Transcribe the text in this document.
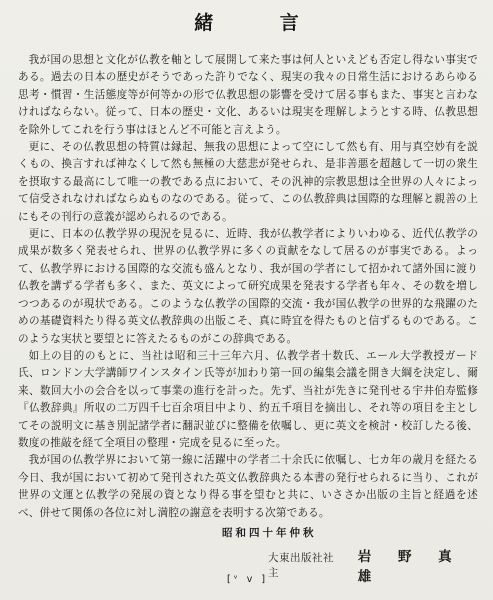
緒 言

我が国の思想と文化が仏教を軸として展開して来た事は何人といえども否定し得ない事実である。過去の日本の歴史がそうであった許りでなく、現実の我々の日常生活におけるあらゆる思考・慣習・生活態度等が何等かの形で仏教思想の影響を受けて居る事もまた、事実と言わなければならない。従って、日本の歴史・文化、あるいは現実を理解しようとする時、仏教思想を除外してこれを行う事はほとんど不可能と言えよう。

更に、その仏教思想の特質は縁起、無我の思想によって空にして然も有、用与真空妙有を説くもの、換言すれば神なくして然も無極の大慈悲が発せられ、是非善悪を超越して一切の衆生を摂取する最高にして唯一の教である点において、その汎神的宗教思想は全世界の人々によって信受されなければならぬものなのである。従って、この仏教辞典は国際的な理解と親善の上にもその刊行の意義が認められるのである。

更に、日本の仏教学界の現況を見るに、近時、我が仏教学者によりいわゆる、近代仏教学の成果が数多く発表せられ、世界の仏教学界に多くの貢献をなして居るのが事実である。よって、仏教学界における国際的な交流も盛んとなり、我が国の学者にして招かれて諸外国に渡り仏教を講ずる学者も多く、また、英文によって研究成果を発表する学者も年々、その数を増しつつあるのが現状である。このような仏教学の国際的交流・我が国仏教学の世界的な飛躍のための基礎資料たり得る英文仏教辞典の出版こそ、真に時宜を得たものと信ずるものである。このような実状と要望とに答えたるものがこの辞典である。

如上の目的のもとに、当社は昭和三十三年六月、仏教学者十数氏、エール大学教授ガード氏、ロンドン大学講師ワインスタイン氏等が加わり第一回の編集会議を開き大綱を決定し、爾来、数回大小の会合を以って事業の進行を計った。先ず、当社が先きに発刊せる宇井伯寿監修『仏教辞典』所収の二万四千七百余項目中より、約五千項目を摘出し、それ等の項目を主としてその説明文に基き別記諸学者に翻訳並びに整備を依嘱し、更に英文を検討・校訂したる後、数度の推敲を経て全項目の整理・完成を見るに至った。

我が国の仏教学界において第一線に活躍中の学者二十余氏に依嘱し、七カ年の歳月を経たる今日、我が国において初めて発刊された英文仏教辞典たる本書の発行せられるに当り、これが世界の文運と仏教学の発展の資となり得る事を望むと共に、いささか出版の主旨と経過を述べ、併せて関係の各位に対し満腔の謝意を表明する次第である。

昭和四十年仲秋
大東出版社社主
岩 野 真 雄
[ᵛ v ]
